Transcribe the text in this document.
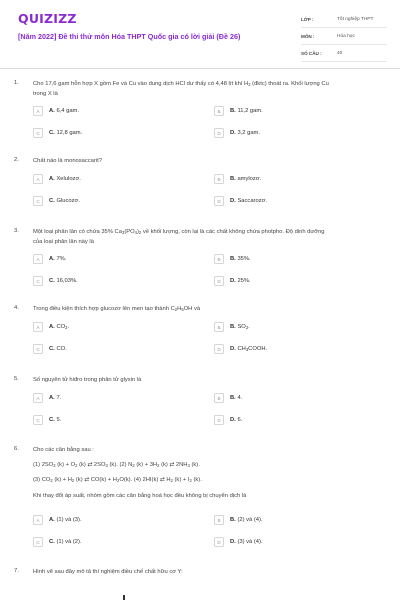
QUIZIZZ
[Năm 2022] Đề thi thử môn Hóa THPT Quốc gia có lời giải (Đề 26)
LỚP :	Tốt nghiệp THPT
MÔN :	Hóa học
SỐ CÂU :	40
1. Cho 17,6 gam hỗn hợp X gồm Fe và Cu vào dung dịch HCl dư thấy có 4,48 lít khí $H_2$ (đktc) thoát ra. Khối lượng Cu
trong X là
A	A. 6,4 gam.	B	B. 11,2 gam.
C	C. 12,8 gam.	D	D. 3,2 gam.
2. Chất nào là monosaccarit?
A	A. Xelulozơ.	B	B. amylozơ.
C	C. Glucozơ.	D	D. Saccarozơ.
3. Một loại phân lân có chứa 35% $Ca_3(PO_4)_2$ về khối lượng, còn lại là các chất không chứa photpho. Độ dinh dưỡng
của loại phân lân này là
A	A. 7%.	B	B. 35%.
C	C. 16,03%.	D	D. 25%.
4. Trong điều kiện thích hợp glucozơ lên men tạo thành $C_2H_5OH$ và
A	A. $CO_2$.	B	B. $SO_2$.
C	C. CO.	D	D. $CH_3COOH$.
5. Số nguyên tử hiđro trong phân tử glyxin là
A	A. 7.	B	B. 4.
C	C. 5.	D	D. 6.
6. Cho các cân bằng sau :
(1) $2SO_2$ $(k) + O_2$ (k) ⇄ $2SO_3$ (k). (2) $N_2$ $(k) + 3H_2$ (k) ⇄ $2NH_3$ (k).
(3) $CO_2$ $(k) + H_2$ (k) ⇄ $CO(k) + H_2O(k)$. (4) 2HI(k) ⇄ $H_2$ $(k) + I_2$ (k).
Khi thay đổi áp suất, nhóm gồm các cân bằng hoá học đều không bị chuyển dịch là
A	A. (1) và (3).	B	B. (2) và (4).
C	C. (1) và (2).	D	D. (3) và (4).
7. Hình vẽ sau đây mô tả thí nghiệm điều chế chất hữu cơ Y:
